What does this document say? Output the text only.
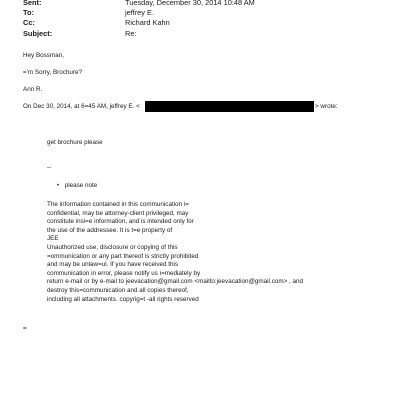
Sent:	Tuesday, December 30, 2014 10:48 AM
To:	jeffrey E.
Cc:	Richard Kahn
Subject:	Re:
Hey Bossman,
='m Sorry, Brochure?
Ann R.
On Dec 30, 2014, at 6=45 AM, jeffrey E. <	> wrote:
get brochure please
--
• please note
The information contained in this communication i=
confidential, may be attorney-client privileged, may
constitute insi=e information, and is intended only for
the use of the addressee. It is t=e property of
JEE
Unauthorized use, disclosure or copying of this
=ommunication or any part thereof is strictly prohibited
and may be unlaw=ul. If you have received this
communication in error, please notify us i=mediately by
return e-mail or by e-mail to jeevacation@gmail.com <mailto:jeevacation@gmail.com> , and
destroy this=communication and all copies thereof,
including all attachments. copyrig=t -all rights reserved
=
